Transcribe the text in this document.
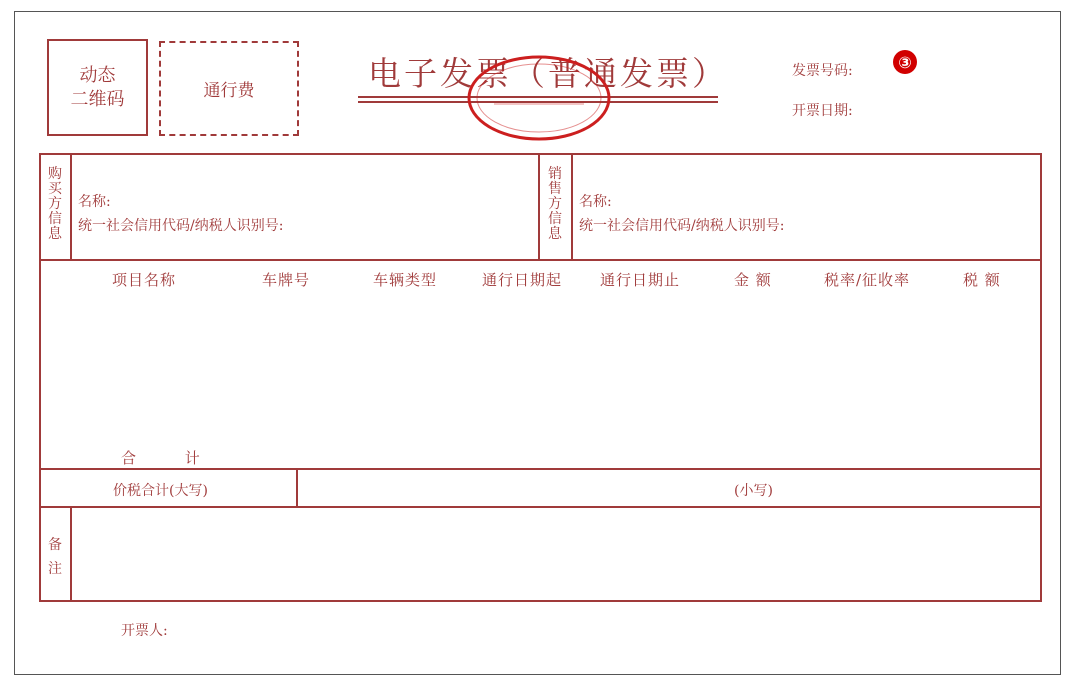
动态
二维码	通行费	电子发票（普通发票）	发票号码:	③
开票日期:
购
买
方
信
息
名称:
统一社会信用代码/纳税人识别号:
销
售
方
信
息
名称:
统一社会信用代码/纳税人识别号:
项目名称	车牌号	车辆类型	通行日期起	通行日期止	金 额	税率/征收率	税 额
合 计
价税合计(大写)	(小写)
备
注
开票人:
